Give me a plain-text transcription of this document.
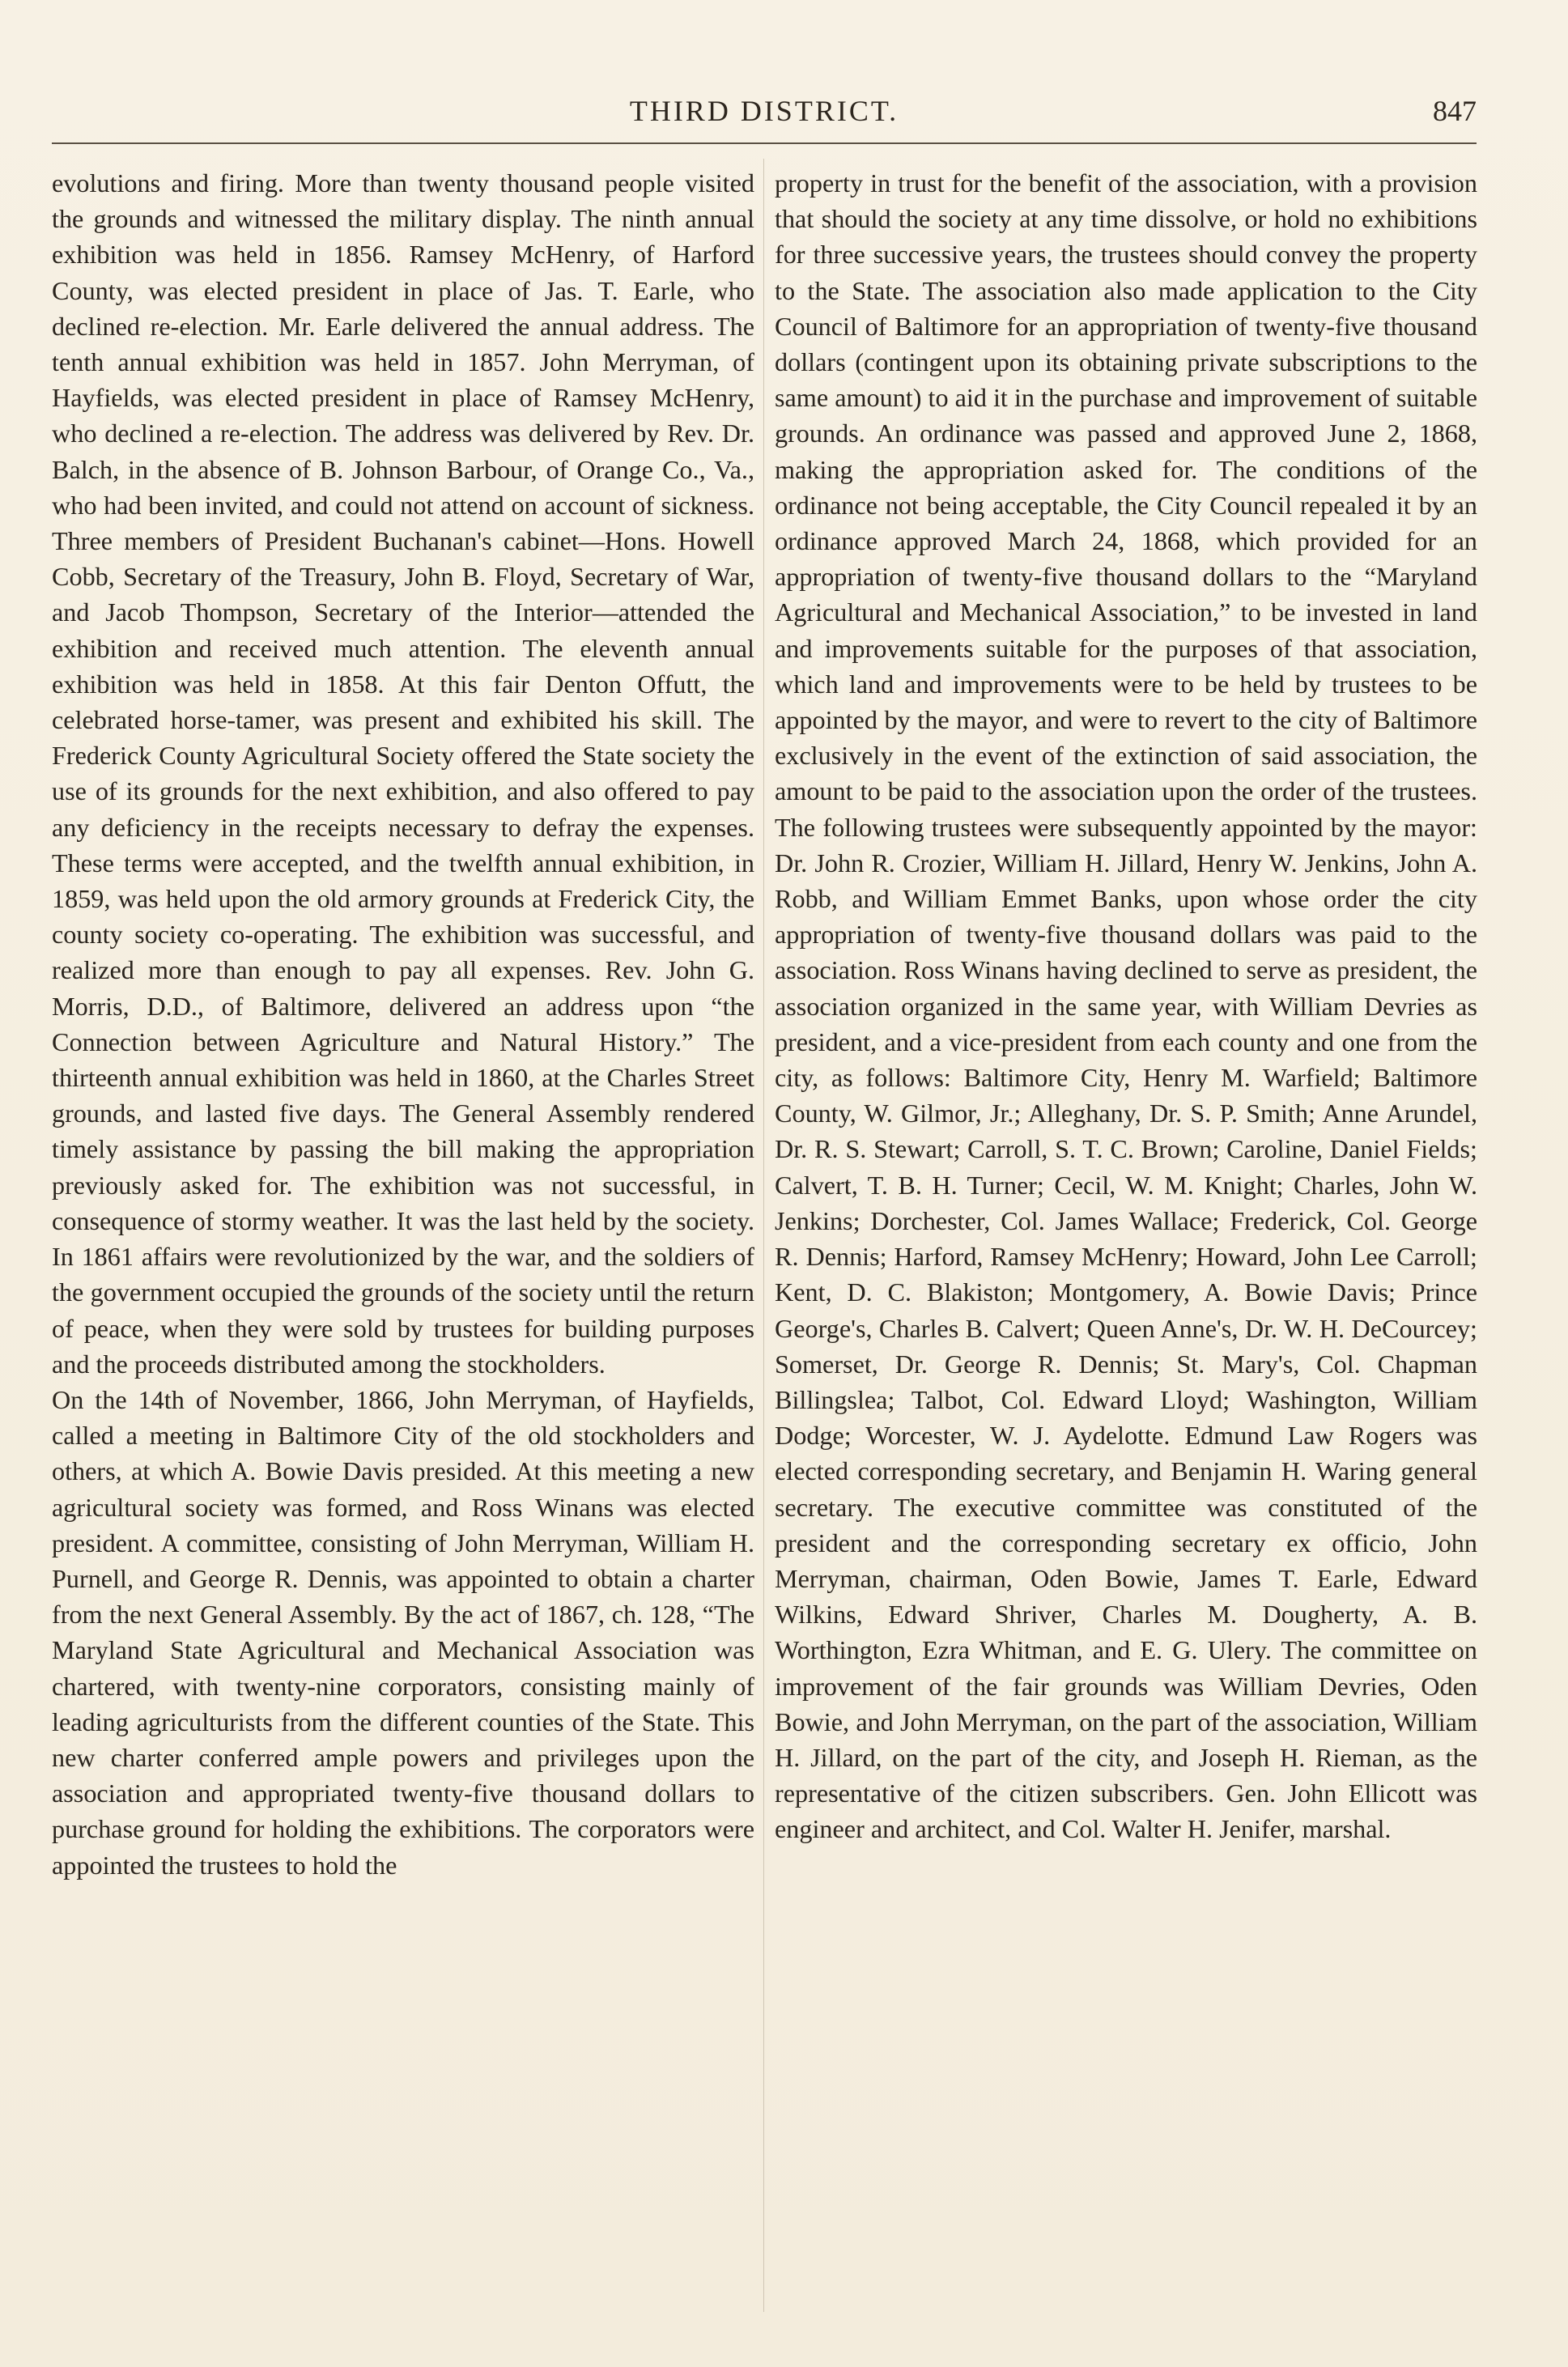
THIRD DISTRICT.	847

evolutions and firing. More than twenty thousand people visited the grounds and witnessed the military display. The ninth annual exhibition was held in 1856. Ramsey McHenry, of Harford County, was elected president in place of Jas. T. Earle, who declined re-election. Mr. Earle delivered the annual address. The tenth annual exhibition was held in 1857. John Merryman, of Hayfields, was elected president in place of Ramsey McHenry, who declined a re-election. The address was delivered by Rev. Dr. Balch, in the absence of B. Johnson Barbour, of Orange Co., Va., who had been invited, and could not attend on account of sickness. Three members of President Buchanan's cabinet—Hons. Howell Cobb, Secretary of the Treasury, John B. Floyd, Secretary of War, and Jacob Thompson, Secretary of the Interior—attended the exhibition and received much attention. The eleventh annual exhibition was held in 1858. At this fair Denton Offutt, the celebrated horse-tamer, was present and exhibited his skill. The Frederick County Agricultural Society offered the State society the use of its grounds for the next exhibition, and also offered to pay any deficiency in the receipts necessary to defray the expenses. These terms were accepted, and the twelfth annual exhibition, in 1859, was held upon the old armory grounds at Frederick City, the county society co-operating. The exhibition was successful, and realized more than enough to pay all expenses. Rev. John G. Morris, D.D., of Baltimore, delivered an address upon “the Connection between Agriculture and Natural History.” The thirteenth annual exhibition was held in 1860, at the Charles Street grounds, and lasted five days. The General Assembly rendered timely assistance by passing the bill making the appropriation previously asked for. The exhibition was not successful, in consequence of stormy weather. It was the last held by the society. In 1861 affairs were revolutionized by the war, and the soldiers of the government occupied the grounds of the society until the return of peace, when they were sold by trustees for building purposes and the proceeds distributed among the stockholders.

On the 14th of November, 1866, John Merryman, of Hayfields, called a meeting in Baltimore City of the old stockholders and others, at which A. Bowie Davis presided. At this meeting a new agricultural society was formed, and Ross Winans was elected president. A committee, consisting of John Merryman, William H. Purnell, and George R. Dennis, was appointed to obtain a charter from the next General Assembly. By the act of 1867, ch. 128, “The Maryland State Agricultural and Mechanical Association was chartered, with twenty-nine corporators, consisting mainly of leading agriculturists from the different counties of the State. This new charter conferred ample powers and privileges upon the association and appropriated twenty-five thousand dollars to purchase ground for holding the exhibitions. The corporators were appointed the trustees to hold the

property in trust for the benefit of the association, with a provision that should the society at any time dissolve, or hold no exhibitions for three successive years, the trustees should convey the property to the State. The association also made application to the City Council of Baltimore for an appropriation of twenty-five thousand dollars (contingent upon its obtaining private subscriptions to the same amount) to aid it in the purchase and improvement of suitable grounds. An ordinance was passed and approved June 2, 1868, making the appropriation asked for. The conditions of the ordinance not being acceptable, the City Council repealed it by an ordinance approved March 24, 1868, which provided for an appropriation of twenty-five thousand dollars to the “Maryland Agricultural and Mechanical Association,” to be invested in land and improvements suitable for the purposes of that association, which land and improvements were to be held by trustees to be appointed by the mayor, and were to revert to the city of Baltimore exclusively in the event of the extinction of said association, the amount to be paid to the association upon the order of the trustees. The following trustees were subsequently appointed by the mayor: Dr. John R. Crozier, William H. Jillard, Henry W. Jenkins, John A. Robb, and William Emmet Banks, upon whose order the city appropriation of twenty-five thousand dollars was paid to the association. Ross Winans having declined to serve as president, the association organized in the same year, with William Devries as president, and a vice-president from each county and one from the city, as follows: Baltimore City, Henry M. Warfield; Baltimore County, W. Gilmor, Jr.; Alleghany, Dr. S. P. Smith; Anne Arundel, Dr. R. S. Stewart; Carroll, S. T. C. Brown; Caroline, Daniel Fields; Calvert, T. B. H. Turner; Cecil, W. M. Knight; Charles, John W. Jenkins; Dorchester, Col. James Wallace; Frederick, Col. George R. Dennis; Harford, Ramsey McHenry; Howard, John Lee Carroll; Kent, D. C. Blakiston; Montgomery, A. Bowie Davis; Prince George's, Charles B. Calvert; Queen Anne's, Dr. W. H. DeCourcey; Somerset, Dr. George R. Dennis; St. Mary's, Col. Chapman Billingslea; Talbot, Col. Edward Lloyd; Washington, William Dodge; Worcester, W. J. Aydelotte. Edmund Law Rogers was elected corresponding secretary, and Benjamin H. Waring general secretary. The executive committee was constituted of the president and the corresponding secretary ex officio, John Merryman, chairman, Oden Bowie, James T. Earle, Edward Wilkins, Edward Shriver, Charles M. Dougherty, A. B. Worthington, Ezra Whitman, and E. G. Ulery. The committee on improvement of the fair grounds was William Devries, Oden Bowie, and John Merryman, on the part of the association, William H. Jillard, on the part of the city, and Joseph H. Rieman, as the representative of the citizen subscribers. Gen. John Ellicott was engineer and architect, and Col. Walter H. Jenifer, marshal.
